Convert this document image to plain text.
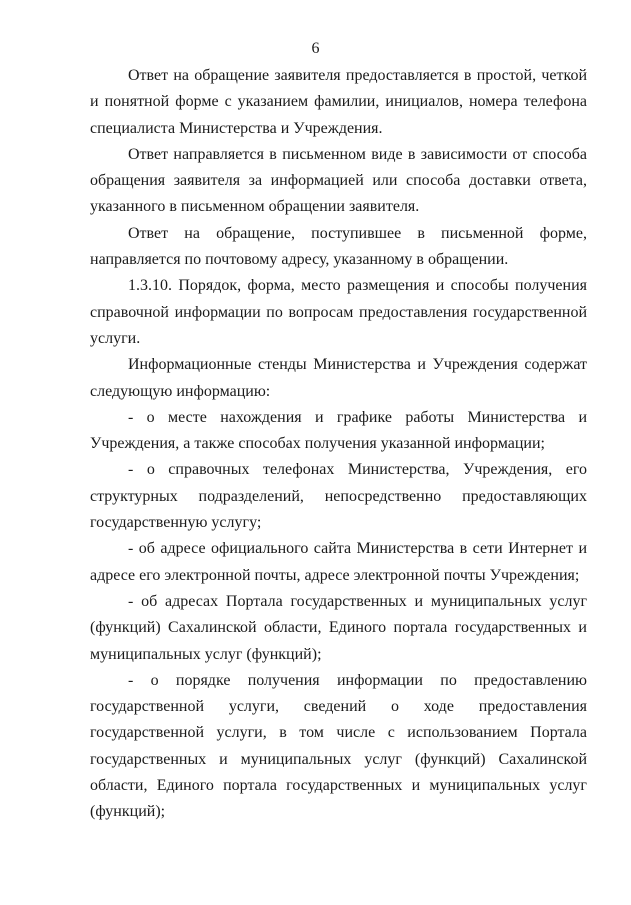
6

Ответ на обращение заявителя предоставляется в простой, четкой и понятной форме с указанием фамилии, инициалов, номера телефона специалиста Министерства и Учреждения.

Ответ направляется в письменном виде в зависимости от способа обращения заявителя за информацией или способа доставки ответа, указанного в письменном обращении заявителя.

Ответ на обращение, поступившее в письменной форме, направляется по почтовому адресу, указанному в обращении.

1.3.10. Порядок, форма, место размещения и способы получения справочной информации по вопросам предоставления государственной услуги.

Информационные стенды Министерства и Учреждения содержат следующую информацию:

- о месте нахождения и графике работы Министерства и Учреждения, а также способах получения указанной информации;

- о справочных телефонах Министерства, Учреждения, его структурных подразделений, непосредственно предоставляющих государственную услугу;

- об адресе официального сайта Министерства в сети Интернет и адресе его электронной почты, адресе электронной почты Учреждения;

- об адресах Портала государственных и муниципальных услуг (функций) Сахалинской области, Единого портала государственных и муниципальных услуг (функций);

- о порядке получения информации по предоставлению государственной услуги, сведений о ходе предоставления государственной услуги, в том числе с использованием Портала государственных и муниципальных услуг (функций) Сахалинской области, Единого портала государственных и муниципальных услуг (функций);
